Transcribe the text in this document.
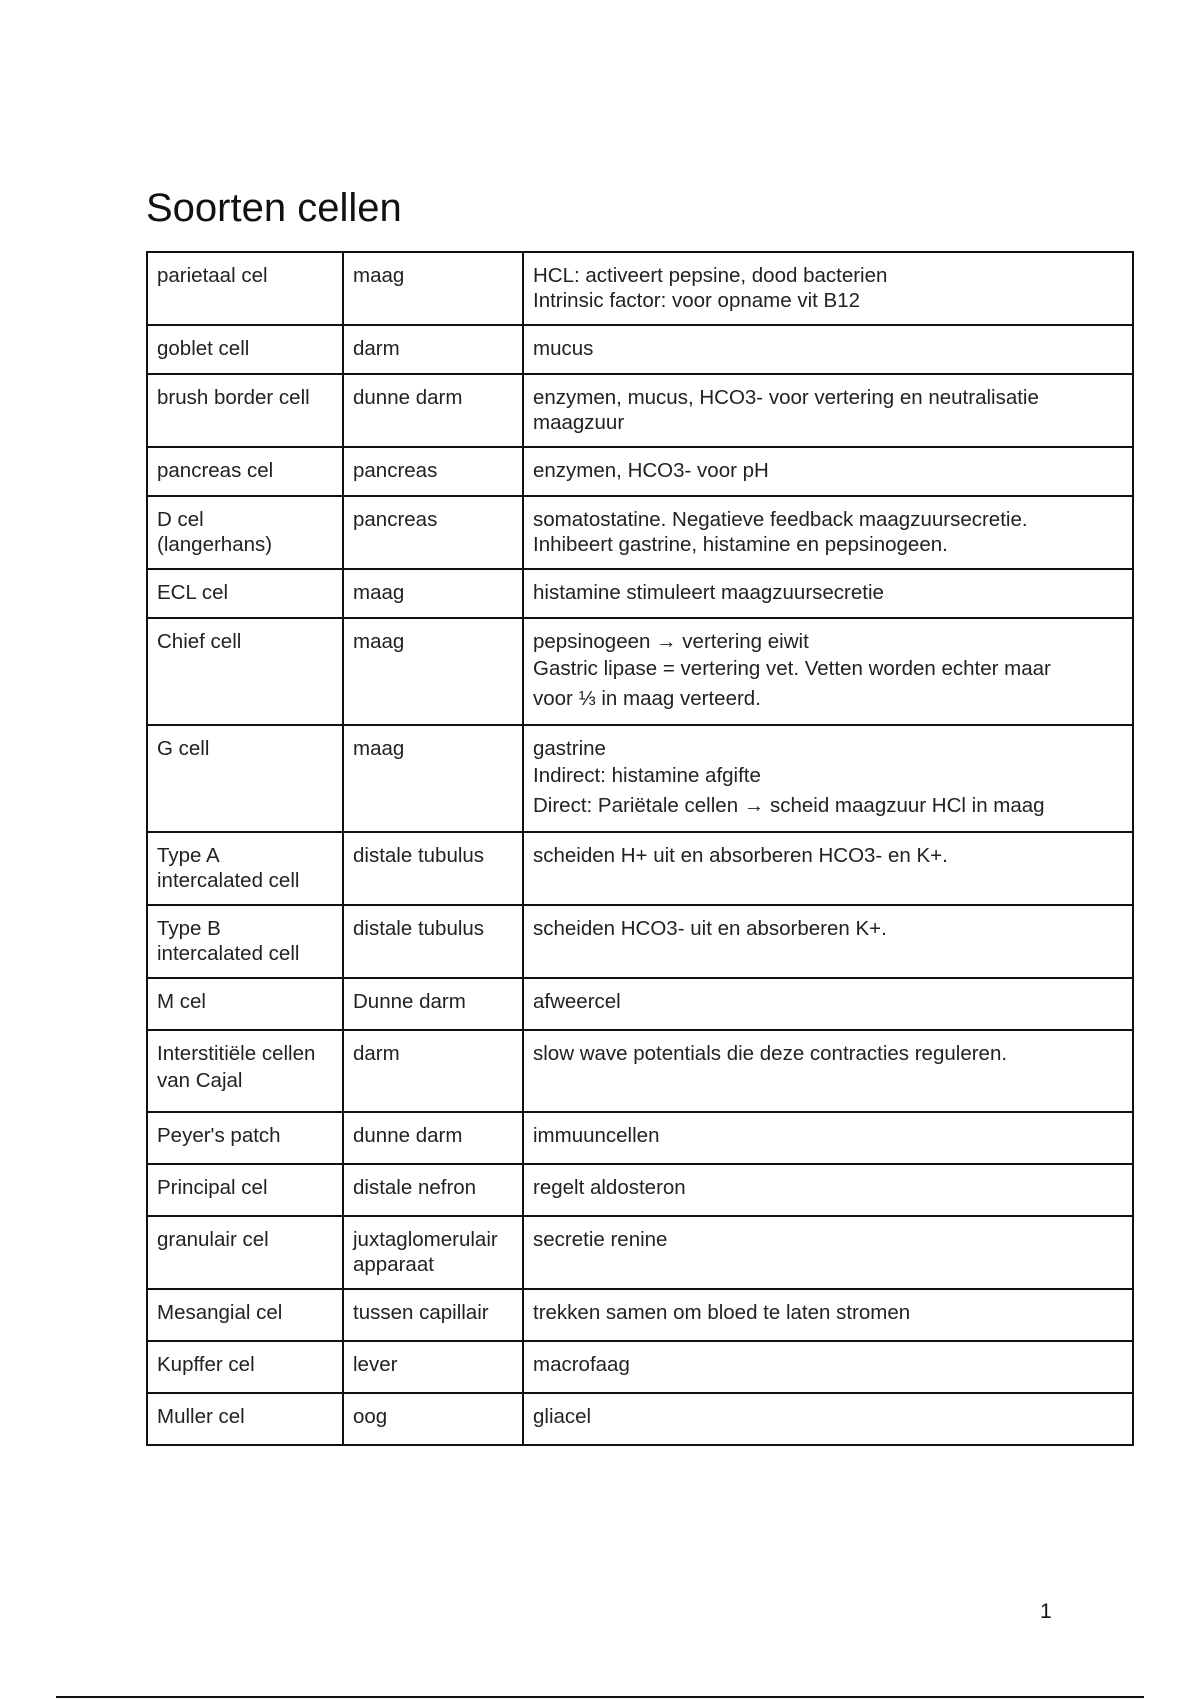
Soorten cellen
parietaal cel	maag	HCL: activeert pepsine, dood bacterien
Intrinsic factor: voor opname vit B12

goblet cell	darm	mucus

brush border cell	dunne darm	enzymen, mucus, HCO3- voor vertering en neutralisatie
maagzuur

pancreas cel	pancreas	enzymen, HCO3- voor pH

D cel
(langerhans)	pancreas	somatostatine. Negatieve feedback maagzuursecretie.
Inhibeert gastrine, histamine en pepsinogeen.

ECL cel	maag	histamine stimuleert maagzuursecretie

Chief cell	maag	pepsinogeen → vertering eiwit
Gastric lipase = vertering vet. Vetten worden echter maar
voor ⅓ in maag verteerd.

G cell	maag	gastrine
Indirect: histamine afgifte
Direct: Pariëtale cellen → scheid maagzuur HCl in maag

Type A
intercalated cell	distale tubulus	scheiden H+ uit en absorberen HCO3- en K+.

Type B
intercalated cell	distale tubulus	scheiden HCO3- uit en absorberen K+.

M cel	Dunne darm	afweercel

Interstitiële cellen
van Cajal	darm	slow wave potentials die deze contracties reguleren.

Peyer's patch	dunne darm	immuuncellen

Principal cel	distale nefron	regelt aldosteron

granulair cel	juxtaglomerulair
apparaat	secretie renine

Mesangial cel	tussen capillair	trekken samen om bloed te laten stromen

Kupffer cel	lever	macrofaag

Muller cel	oog	gliacel
1
